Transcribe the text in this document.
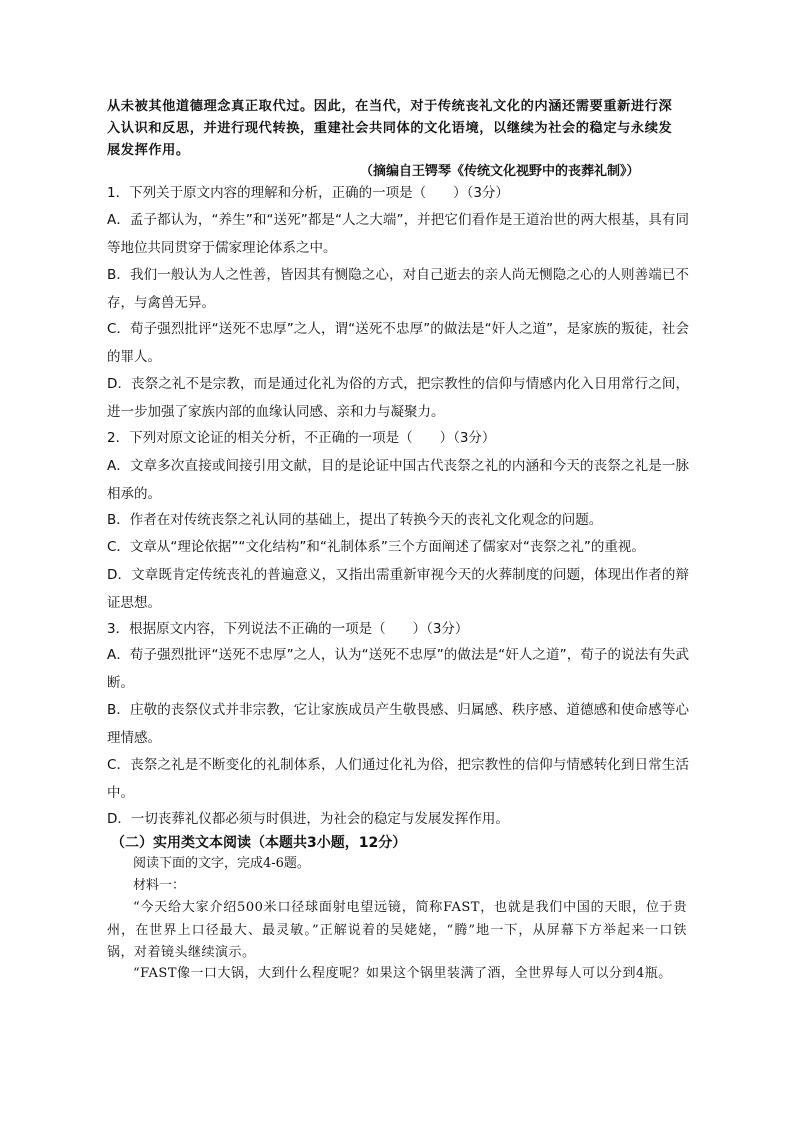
从未被其他道德理念真正取代过。因此，在当代，对于传统丧礼文化的内涵还需要重新进行深入认识和反思，并进行现代转换，重建社会共同体的文化语境，以继续为社会的稳定与永续发展发挥作用。

（摘编自王锷琴《传统文化视野中的丧葬礼制》）
1．下列关于原文内容的理解和分析，正确的一项是（　　）（3分）

A．孟子都认为，“养生”和“送死”都是“人之大端”，并把它们看作是王道治世的两大根基，具有同等地位共同贯穿于儒家理论体系之中。

B．我们一般认为人之性善，皆因其有恻隐之心，对自己逝去的亲人尚无恻隐之心的人则善端已不存，与禽兽无异。

C．荀子强烈批评“送死不忠厚”之人，谓“送死不忠厚”的做法是“奸人之道”，是家族的叛徒，社会的罪人。

D．丧祭之礼不是宗教，而是通过化礼为俗的方式，把宗教性的信仰与情感内化入日用常行之间，进一步加强了家族内部的血缘认同感、亲和力与凝聚力。

2．下列对原文论证的相关分析，不正确的一项是（　　）（3分）

A．文章多次直接或间接引用文献，目的是论证中国古代丧祭之礼的内涵和今天的丧祭之礼是一脉相承的。

B．作者在对传统丧祭之礼认同的基础上，提出了转换今天的丧礼文化观念的问题。

C．文章从“理论依据”“文化结构”和“礼制体系”三个方面阐述了儒家对“丧祭之礼”的重视。

D．文章既肯定传统丧礼的普遍意义，又指出需重新审视今天的火葬制度的问题，体现出作者的辩证思想。

3．根据原文内容，下列说法不正确的一项是（　　）（3分）

A．荀子强烈批评“送死不忠厚”之人，认为“送死不忠厚”的做法是“奸人之道”，荀子的说法有失武断。

B．庄敬的丧祭仪式并非宗教，它让家族成员产生敬畏感、归属感、秩序感、道德感和使命感等心理情感。

C．丧祭之礼是不断变化的礼制体系，人们通过化礼为俗，把宗教性的信仰与情感转化到日常生活中。

D．一切丧葬礼仪都必须与时俱进，为社会的稳定与发展发挥作用。

（二）实用类文本阅读（本题共3小题，12分）
阅读下面的文字，完成4-6题。
材料一：

“今天给大家介绍500米口径球面射电望远镜，简称FAST，也就是我们中国的天眼，位于贵州，在世界上口径最大、最灵敏。”正解说着的吴姥姥，“腾”地一下，从屏幕下方举起来一口铁锅，对着镜头继续演示。

“FAST像一口大锅，大到什么程度呢？如果这个锅里装满了酒，全世界每人可以分到4瓶。
